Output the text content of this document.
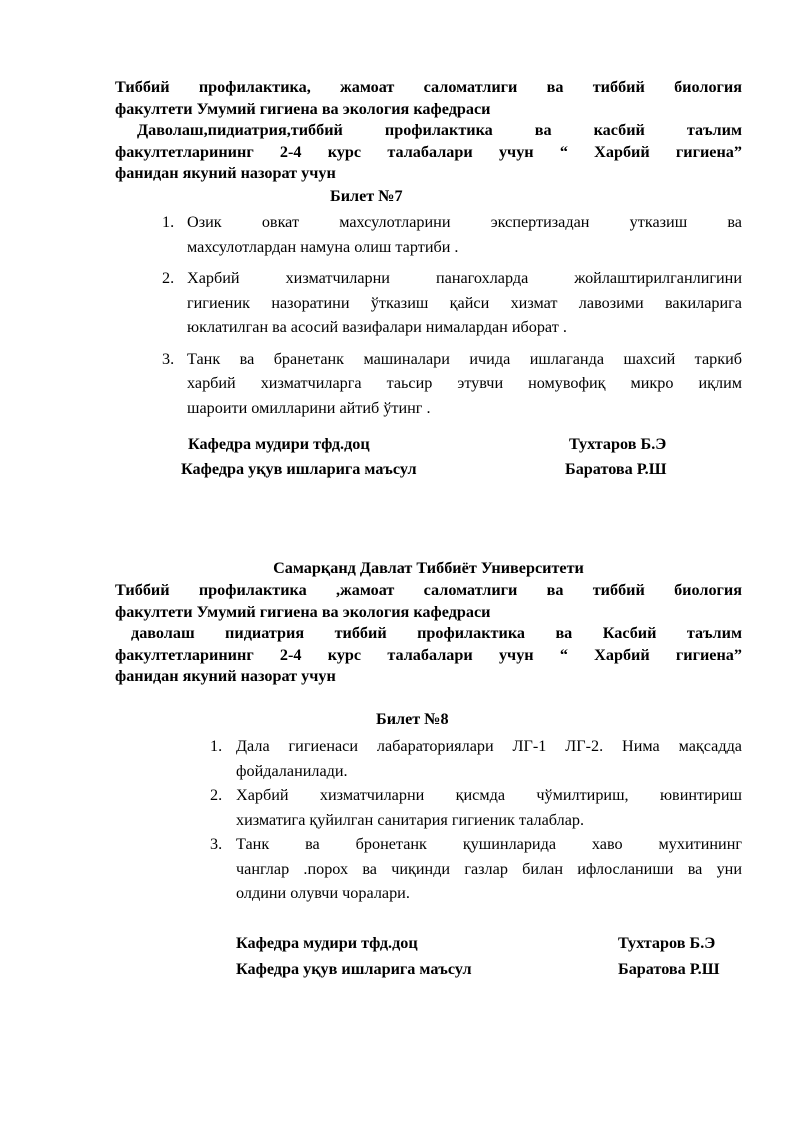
Тиббий профилактика, жамоат саломатлиги ва тиббий биология
факултети Умумий гигиена ва экология кафедраси
Даволаш,пидиатрия,тиббий профилактика ва касбий таълим
факултетларининг 2-4 курс талабалари учун “ Харбий гигиена”
фанидан якуний назорат учун
Билет №7
1. Озик овкат махсулотларини экспертизадан утказиш ва
махсулотлардан намуна олиш тартиби .
2. Харбий хизматчиларни панагохларда жойлаштирилганлигини
гигиеник назоратини ўтказиш қайси хизмат лавозими вакиларига
юклатилган ва асосий вазифалари нималардан иборат .
3. Танк ва бранетанк машиналари ичида ишлаганда шахсий таркиб
харбий хизматчиларга таьсир этувчи номувофиқ микро иқлим
шароити омилларини айтиб ўтинг .
Кафедра мудири тфд.доц	Тухтаров Б.Э
Кафедра уқув ишларига маъсул	Баратова Р.Ш
Самарқанд Давлат Тиббиёт Университети
Тиббий профилактика ,жамоат саломатлиги ва тиббий биология
факултети Умумий гигиена ва экология кафедраси
даволаш пидиатрия тиббий профилактика ва Касбий таълим
факултетларининг 2-4 курс талабалари учун “ Харбий гигиена”
фанидан якуний назорат учун
Билет №8
1. Дала гигиенаси лабараториялари ЛГ-1 ЛГ-2. Нима мақсадда
фойдаланилади.
2. Харбий хизматчиларни қисмда чўмилтириш, ювинтириш
хизматига қуйилган санитария гигиеник талаблар.
3. Танк ва бронетанк қушинларида хаво мухитининг
чанглар .порох ва чиқинди газлар билан ифлосланиши ва уни
олдини олувчи чоралари.
Кафедра мудири тфд.доц	Тухтаров Б.Э
Кафедра уқув ишларига маъсул	Баратова Р.Ш
